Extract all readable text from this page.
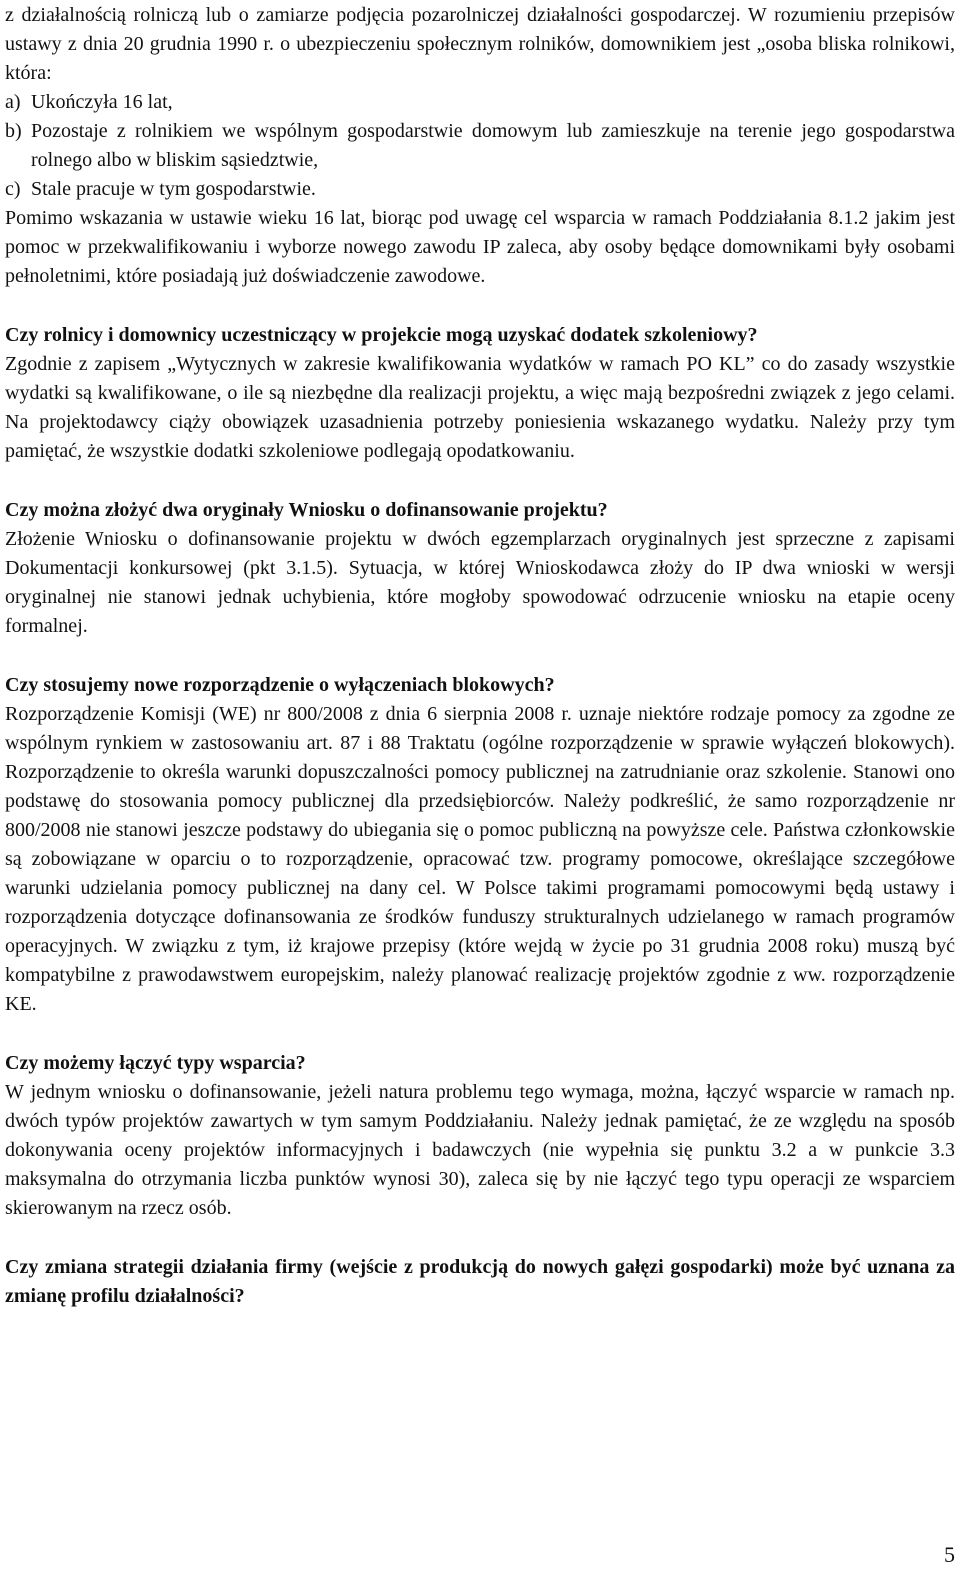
z działalnością rolniczą lub o zamiarze podjęcia pozarolniczej działalności gospodarczej. W rozumieniu przepisów ustawy z dnia 20 grudnia 1990 r. o ubezpieczeniu społecznym rolników, domownikiem jest „osoba bliska rolnikowi, która:

a) Ukończyła 16 lat,
b) Pozostaje z rolnikiem we wspólnym gospodarstwie domowym lub zamieszkuje na terenie jego gospodarstwa rolnego albo w bliskim sąsiedztwie,
c) Stale pracuje w tym gospodarstwie.

Pomimo wskazania w ustawie wieku 16 lat, biorąc pod uwagę cel wsparcia w ramach Poddziałania 8.1.2 jakim jest pomoc w przekwalifikowaniu i wyborze nowego zawodu IP zaleca, aby osoby będące domownikami były osobami pełnoletnimi, które posiadają już doświadczenie zawodowe.

Czy rolnicy i domownicy uczestniczący w projekcie mogą uzyskać dodatek szkoleniowy?

Zgodnie z zapisem „Wytycznych w zakresie kwalifikowania wydatków w ramach PO KL” co do zasady wszystkie wydatki są kwalifikowane, o ile są niezbędne dla realizacji projektu, a więc mają bezpośredni związek z jego celami. Na projektodawcy ciąży obowiązek uzasadnienia potrzeby poniesienia wskazanego wydatku. Należy przy tym pamiętać, że wszystkie dodatki szkoleniowe podlegają opodatkowaniu.

Czy można złożyć dwa oryginały Wniosku o dofinansowanie projektu?

Złożenie Wniosku o dofinansowanie projektu w dwóch egzemplarzach oryginalnych jest sprzeczne z zapisami Dokumentacji konkursowej (pkt 3.1.5). Sytuacja, w której Wnioskodawca złoży do IP dwa wnioski w wersji oryginalnej nie stanowi jednak uchybienia, które mogłoby spowodować odrzucenie wniosku na etapie oceny formalnej.

Czy stosujemy nowe rozporządzenie o wyłączeniach blokowych?

Rozporządzenie Komisji (WE) nr 800/2008 z dnia 6 sierpnia 2008 r. uznaje niektóre rodzaje pomocy za zgodne ze wspólnym rynkiem w zastosowaniu art. 87 i 88 Traktatu (ogólne rozporządzenie w sprawie wyłączeń blokowych). Rozporządzenie to określa warunki dopuszczalności pomocy publicznej na zatrudnianie oraz szkolenie. Stanowi ono podstawę do stosowania pomocy publicznej dla przedsiębiorców. Należy podkreślić, że samo rozporządzenie nr 800/2008 nie stanowi jeszcze podstawy do ubiegania się o pomoc publiczną na powyższe cele. Państwa członkowskie są zobowiązane w oparciu o to rozporządzenie, opracować tzw. programy pomocowe, określające szczegółowe warunki udzielania pomocy publicznej na dany cel. W Polsce takimi programami pomocowymi będą ustawy i rozporządzenia dotyczące dofinansowania ze środków funduszy strukturalnych udzielanego w ramach programów operacyjnych. W związku z tym, iż krajowe przepisy (które wejdą w życie po 31 grudnia 2008 roku) muszą być kompatybilne z prawodawstwem europejskim, należy planować realizację projektów zgodnie z ww. rozporządzenie KE.

Czy możemy łączyć typy wsparcia?

W jednym wniosku o dofinansowanie, jeżeli natura problemu tego wymaga, można, łączyć wsparcie w ramach np. dwóch typów projektów zawartych w tym samym Poddziałaniu. Należy jednak pamiętać, że ze względu na sposób dokonywania oceny projektów informacyjnych i badawczych (nie wypełnia się punktu 3.2 a w punkcie 3.3 maksymalna do otrzymania liczba punktów wynosi 30), zaleca się by nie łączyć tego typu operacji ze wsparciem skierowanym na rzecz osób.

Czy zmiana strategii działania firmy (wejście z produkcją do nowych gałęzi gospodarki) może być uznana za zmianę profilu działalności?
5
